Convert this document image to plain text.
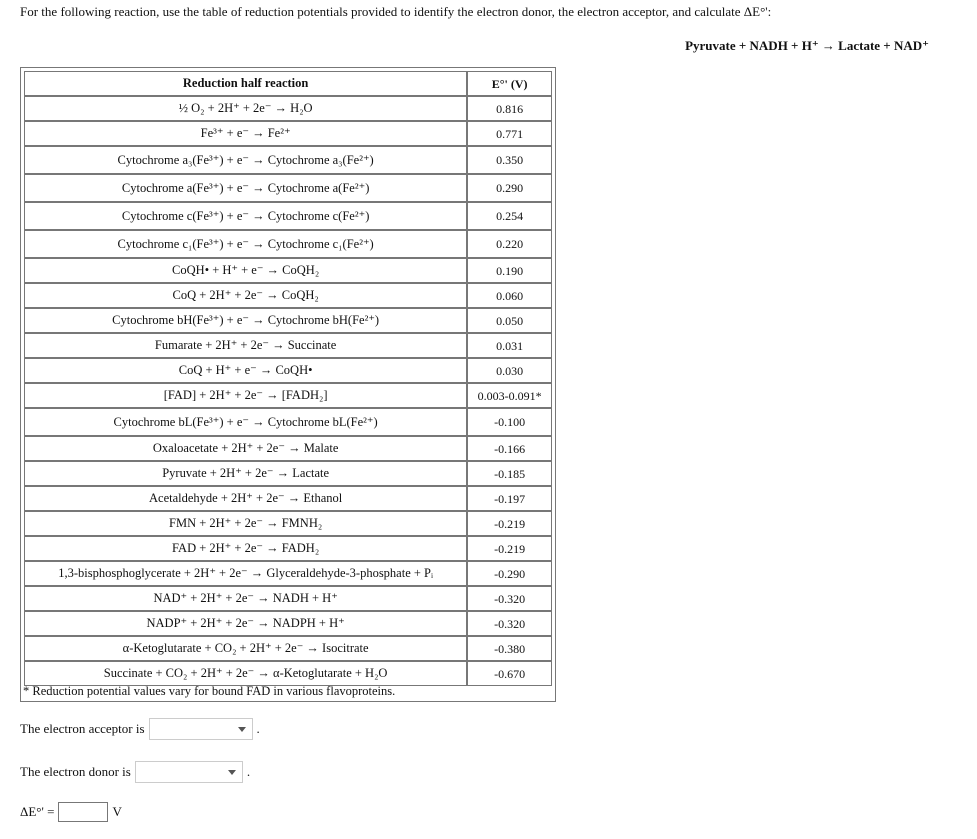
For the following reaction, use the table of reduction potentials provided to identify the electron donor, the electron acceptor, and calculate ΔE°':
Pyruvate + NADH + H⁺ → Lactate + NAD⁺
Reduction half reaction	E°' (V)
½ O₂ + 2H⁺ + 2e⁻ → H₂O	0.816
Fe³⁺ + e⁻ → Fe²⁺	0.771
Cytochrome a₃(Fe³⁺) + e⁻ → Cytochrome a₃(Fe²⁺)	0.350
Cytochrome a(Fe³⁺) + e⁻ → Cytochrome a(Fe²⁺)	0.290
Cytochrome c(Fe³⁺) + e⁻ → Cytochrome c(Fe²⁺)	0.254
Cytochrome c₁(Fe³⁺) + e⁻ → Cytochrome c₁(Fe²⁺)	0.220
CoQH• + H⁺ + e⁻ → CoQH₂	0.190
CoQ + 2H⁺ + 2e⁻ → CoQH₂	0.060
Cytochrome bH(Fe³⁺) + e⁻ → Cytochrome bH(Fe²⁺)	0.050
Fumarate + 2H⁺ + 2e⁻ → Succinate	0.031
CoQ + H⁺ + e⁻ → CoQH•	0.030
[FAD] + 2H⁺ + 2e⁻ → [FADH₂]	0.003-0.091*
Cytochrome bL(Fe³⁺) + e⁻ → Cytochrome bL(Fe²⁺)	-0.100
Oxaloacetate + 2H⁺ + 2e⁻ → Malate	-0.166
Pyruvate + 2H⁺ + 2e⁻ → Lactate	-0.185
Acetaldehyde + 2H⁺ + 2e⁻ → Ethanol	-0.197
FMN + 2H⁺ + 2e⁻ → FMNH₂	-0.219
FAD + 2H⁺ + 2e⁻ → FADH₂	-0.219
1,3-bisphosphoglycerate + 2H⁺ + 2e⁻ → Glyceraldehyde-3-phosphate + Pᵢ	-0.290
NAD⁺ + 2H⁺ + 2e⁻ → NADH + H⁺	-0.320
NADP⁺ + 2H⁺ + 2e⁻ → NADPH + H⁺	-0.320
α-Ketoglutarate + CO₂ + 2H⁺ + 2e⁻ → Isocitrate	-0.380
Succinate + CO₂ + 2H⁺ + 2e⁻ → α-Ketoglutarate + H₂O	-0.670
* Reduction potential values vary for bound FAD in various flavoproteins.
The electron acceptor is	.
The electron donor is	.
ΔE°' =	V
